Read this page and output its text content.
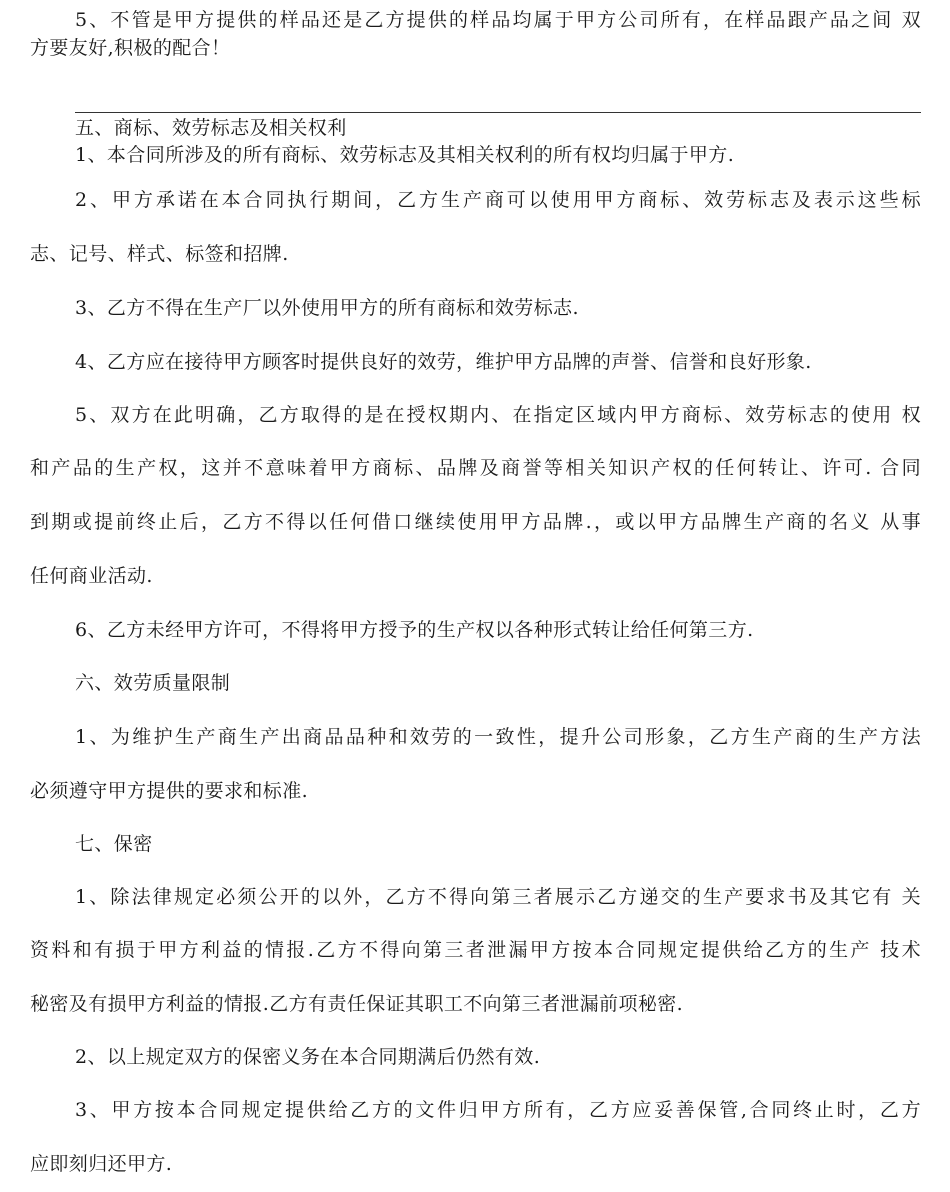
5、不管是甲方提供的样品还是乙方提供的样品均属于甲方公司所有，在样品跟产品之间 双

方要友好,积极的配合！

五、商标、效劳标志及相关权利

1、本合同所涉及的所有商标、效劳标志及其相关权利的所有权均归属于甲方.

2、甲方承诺在本合同执行期间，乙方生产商可以使用甲方商标、效劳标志及表示这些标

志、记号、样式、标签和招牌.

3、乙方不得在生产厂以外使用甲方的所有商标和效劳标志.

4、乙方应在接待甲方顾客时提供良好的效劳，维护甲方品牌的声誉、信誉和良好形象.

5、双方在此明确，乙方取得的是在授权期内、在指定区域内甲方商标、效劳标志的使用 权

和产品的生产权，这并不意味着甲方商标、品牌及商誉等相关知识产权的任何转让、许可. 合同

到期或提前终止后，乙方不得以任何借口继续使用甲方品牌.，或以甲方品牌生产商的名义 从事

任何商业活动.

6、乙方未经甲方许可，不得将甲方授予的生产权以各种形式转让给任何第三方.

六、效劳质量限制

1、为维护生产商生产出商品品种和效劳的一致性，提升公司形象，乙方生产商的生产方法

必须遵守甲方提供的要求和标准.

七、保密

1、除法律规定必须公开的以外，乙方不得向第三者展示乙方递交的生产要求书及其它有 关

资料和有损于甲方利益的情报.乙方不得向第三者泄漏甲方按本合同规定提供给乙方的生产 技术

秘密及有损甲方利益的情报.乙方有责任保证其职工不向第三者泄漏前项秘密.

2、以上规定双方的保密义务在本合同期满后仍然有效.

3、甲方按本合同规定提供给乙方的文件归甲方所有，乙方应妥善保管,合同终止时，乙方

应即刻归还甲方.
